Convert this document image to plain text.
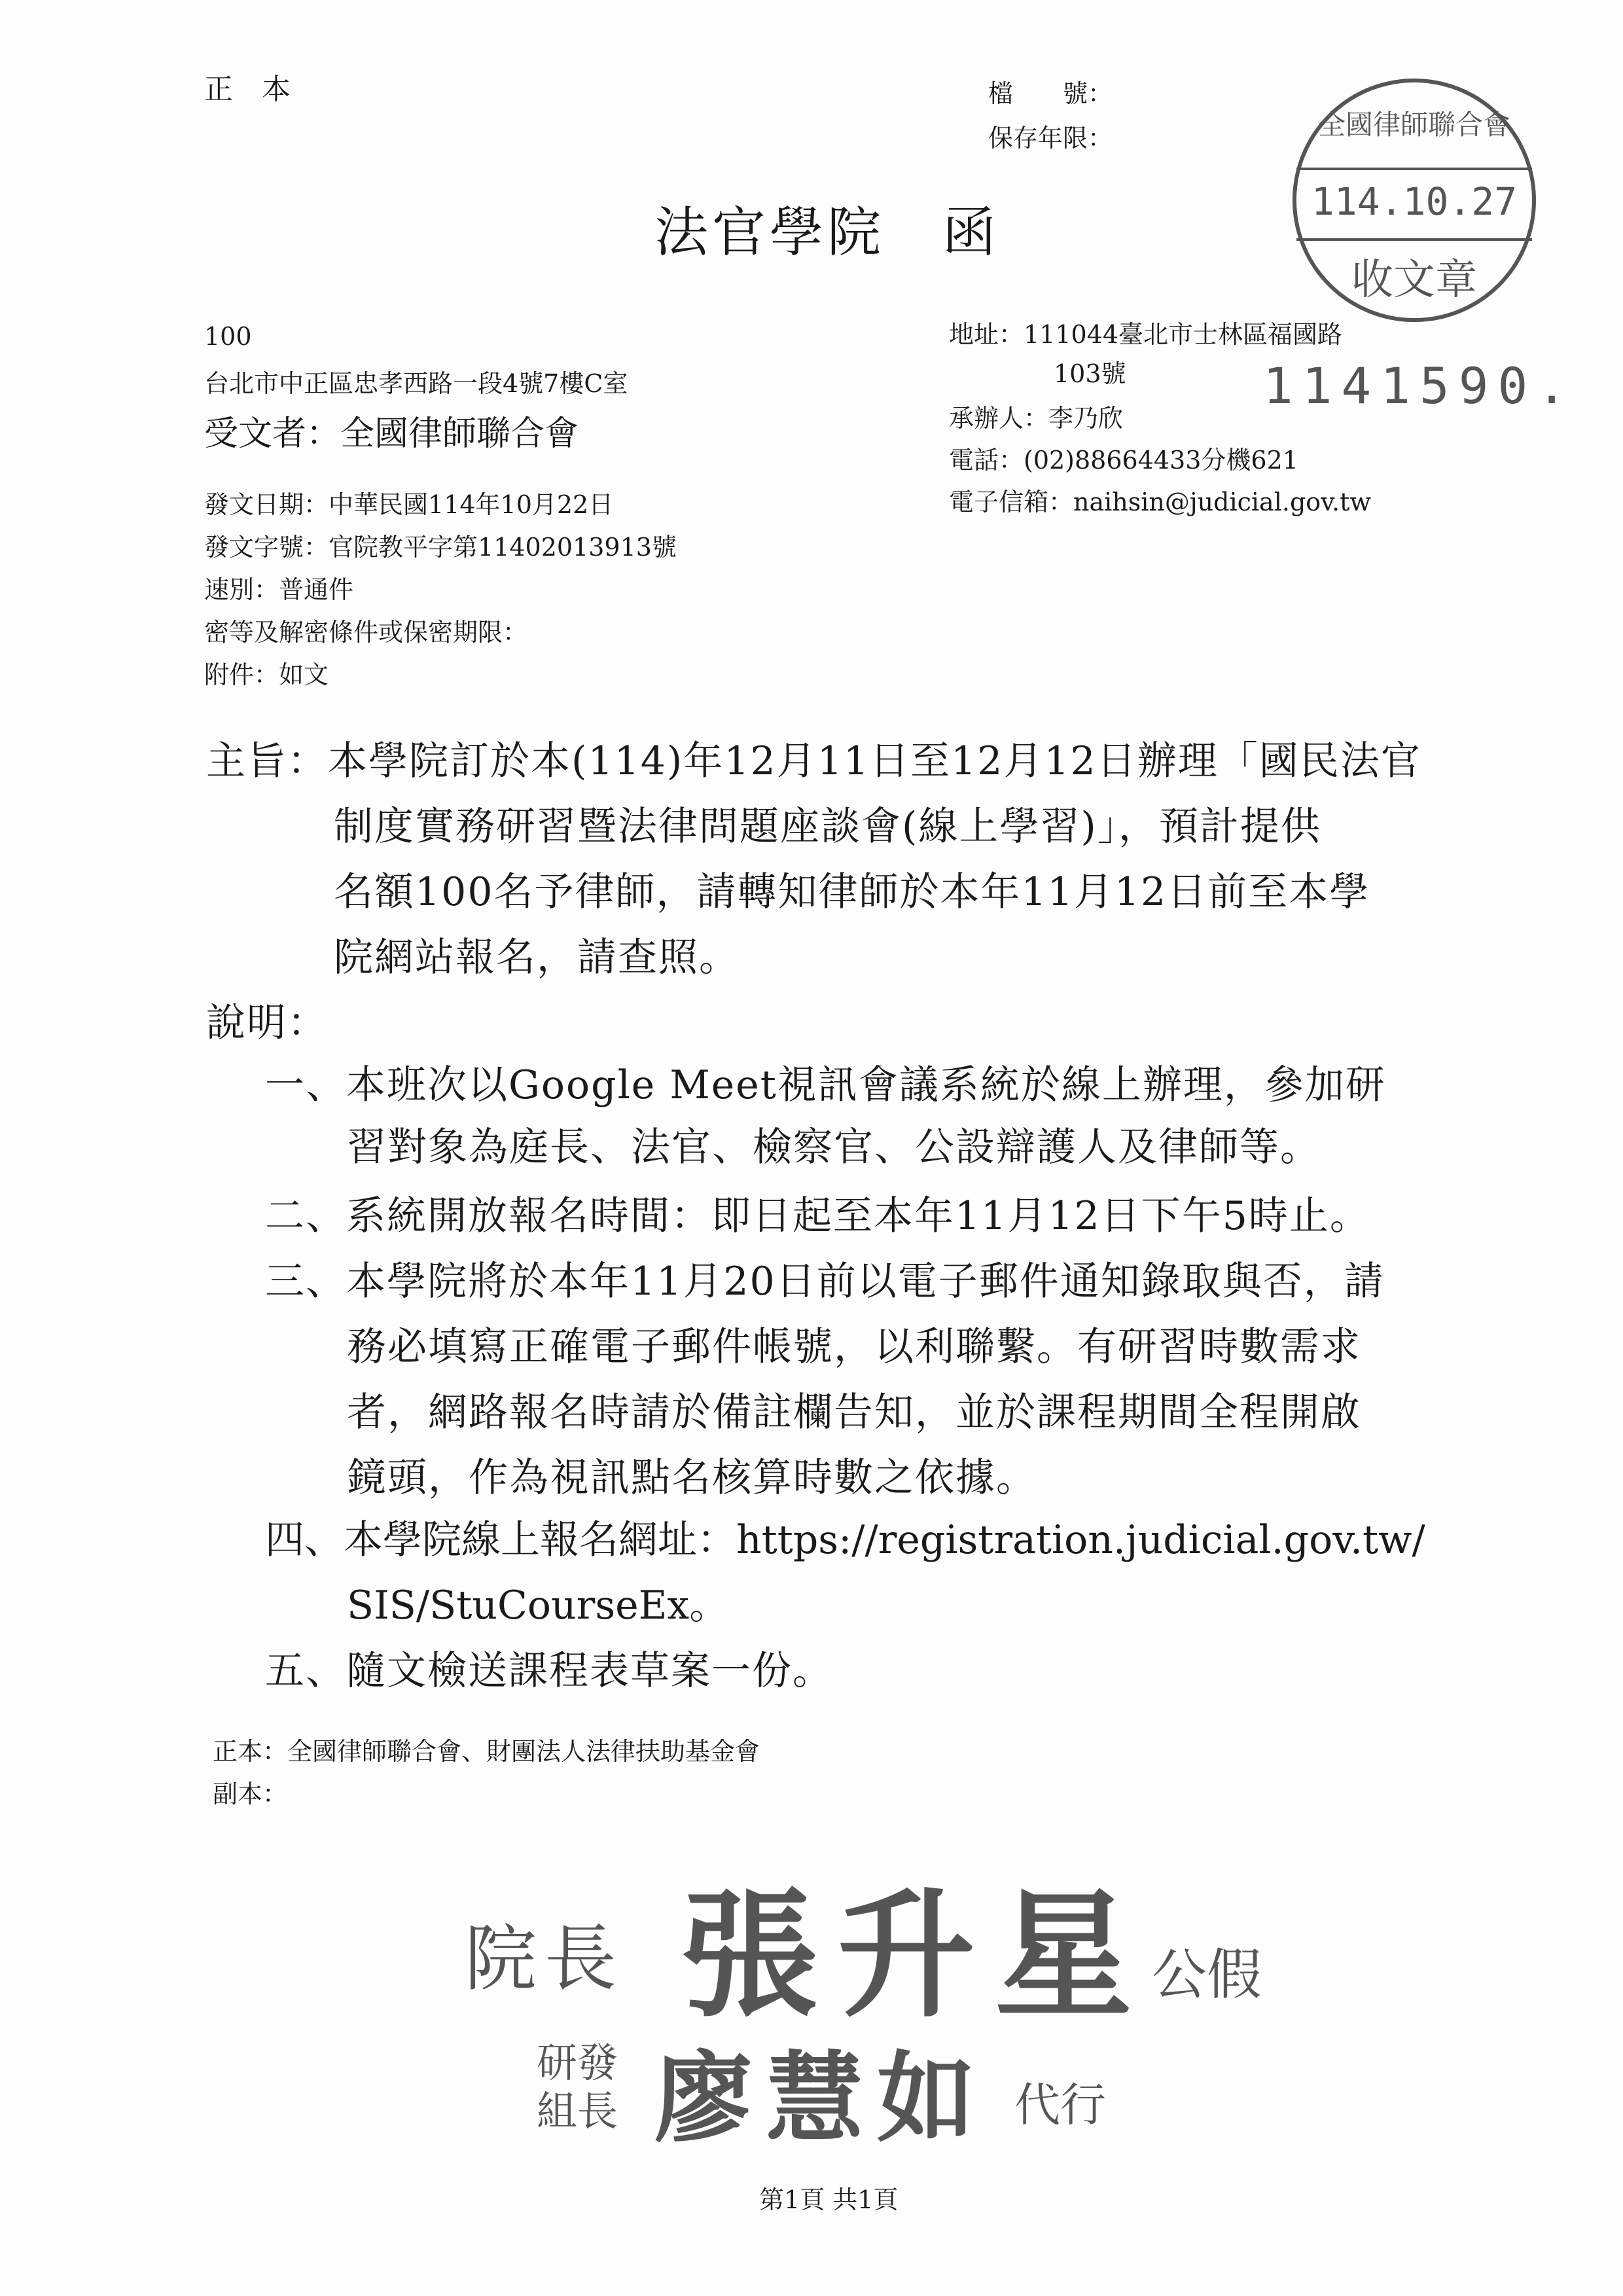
正　本	檔　　號：
保存年限：	全國律師聯合會
114.10.27
收文章
法官學院　函
100
台北市中正區忠孝西路一段4號7樓C室
受文者：全國律師聯合會
地址：111044臺北市士林區福國路
103號	1141590.
承辦人：李乃欣
電話：(02)88664433分機621
電子信箱：naihsin@judicial.gov.tw
發文日期：中華民國114年10月22日
發文字號：官院教平字第11402013913號
速別：普通件
密等及解密條件或保密期限：
附件：如文
主旨：本學院訂於本(114)年12月11日至12月12日辦理「國民法官
制度實務研習暨法律問題座談會(線上學習)」，預計提供
名額100名予律師，請轉知律師於本年11月12日前至本學
院網站報名，請查照。
說明：
一、本班次以Google Meet視訊會議系統於線上辦理，參加研
習對象為庭長、法官、檢察官、公設辯護人及律師等。
二、系統開放報名時間：即日起至本年11月12日下午5時止。
三、本學院將於本年11月20日前以電子郵件通知錄取與否，請
務必填寫正確電子郵件帳號，以利聯繫。有研習時數需求
者，網路報名時請於備註欄告知，並於課程期間全程開啟
鏡頭，作為視訊點名核算時數之依據。
四、本學院線上報名網址：https://registration.judicial.gov.tw/
SIS/StuCourseEx。
五、隨文檢送課程表草案一份。
正本：全國律師聯合會、財團法人法律扶助基金會
副本：
院長 張升星 公假
研發
組長 廖慧如 代行
第1頁 共1頁
